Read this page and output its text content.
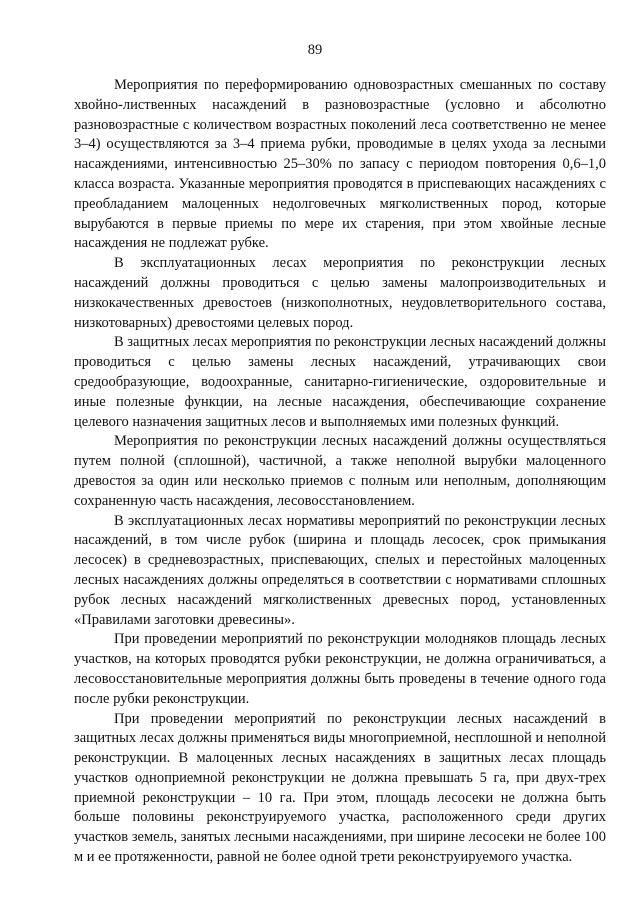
89

Мероприятия по переформированию одновозрастных смешанных по составу хвойно-лиственных насаждений в разновозрастные (условно и абсолютно разновозрастные с количеством возрастных поколений леса соответственно не менее 3–4) осуществляются за 3–4 приема рубки, проводимые в целях ухода за лесными насаждениями, интенсивностью 25–30% по запасу с периодом повторения 0,6–1,0 класса возраста. Указанные мероприятия проводятся в приспевающих насаждениях с преобладанием малоценных недолговечных мягколиственных пород, которые вырубаются в первые приемы по мере их старения, при этом хвойные лесные насаждения не подлежат рубке.

В эксплуатационных лесах мероприятия по реконструкции лесных насаждений должны проводиться с целью замены малопроизводительных и низкокачественных древостоев (низкополнотных, неудовлетворительного состава, низкотоварных) древостоями целевых пород.

В защитных лесах мероприятия по реконструкции лесных насаждений должны проводиться с целью замены лесных насаждений, утрачивающих свои средообразующие, водоохранные, санитарно-гигиенические, оздоровительные и иные полезные функции, на лесные насаждения, обеспечивающие сохранение целевого назначения защитных лесов и выполняемых ими полезных функций.

Мероприятия по реконструкции лесных насаждений должны осуществляться путем полной (сплошной), частичной, а также неполной вырубки малоценного древостоя за один или несколько приемов с полным или неполным, дополняющим сохраненную часть насаждения, лесовосстановлением.

В эксплуатационных лесах нормативы мероприятий по реконструкции лесных насаждений, в том числе рубок (ширина и площадь лесосек, срок примыкания лесосек) в средневозрастных, приспевающих, спелых и перестойных малоценных лесных насаждениях должны определяться в соответствии с нормативами сплошных рубок лесных насаждений мягколиственных древесных пород, установленных «Правилами заготовки древесины».

При проведении мероприятий по реконструкции молодняков площадь лесных участков, на которых проводятся рубки реконструкции, не должна ограничиваться, а лесовосстановительные мероприятия должны быть проведены в течение одного года после рубки реконструкции.

При проведении мероприятий по реконструкции лесных насаждений в защитных лесах должны применяться виды многоприемной, несплошной и неполной реконструкции. В малоценных лесных насаждениях в защитных лесах площадь участков одноприемной реконструкции не должна превышать 5 га, при двух-трех приемной реконструкции – 10 га. При этом, площадь лесосеки не должна быть больше половины реконструируемого участка, расположенного среди других участков земель, занятых лесными насаждениями, при ширине лесосеки не более 100 м и ее протяженности, равной не более одной трети реконструируемого участка.
